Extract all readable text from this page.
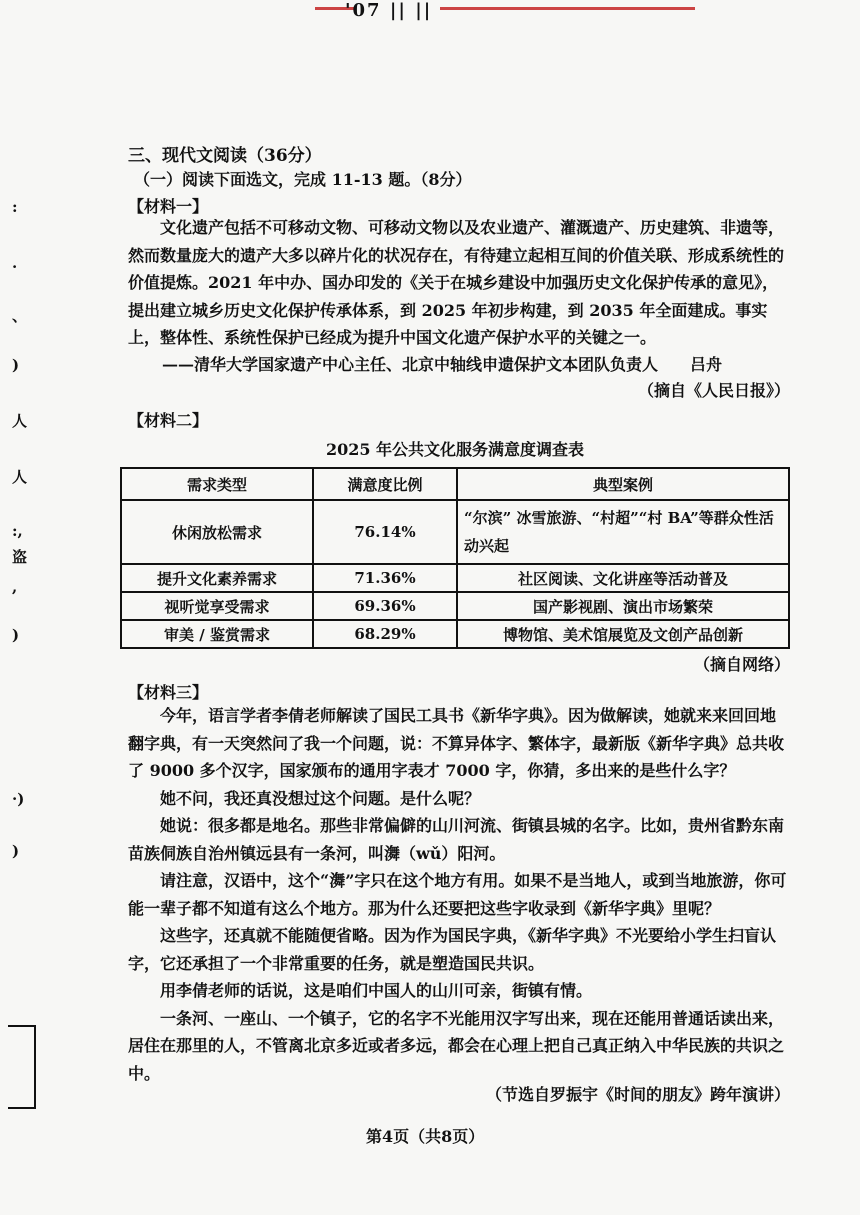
'07 || ||
:
·
、
)
人
人
:,
盗
,
)
·)
)
三、现代文阅读（36分）
（一）阅读下面选文，完成 11-13 题。（8分）
【材料一】
文化遗产包括不可移动文物、可移动文物以及农业遗产、灌溉遗产、历史建筑、非遗等，然而数量庞大的遗产大多以碎片化的状况存在，有待建立起相互间的价值关联、形成系统性的价值提炼。2021 年中办、国办印发的《关于在城乡建设中加强历史文化保护传承的意见》，提出建立城乡历史文化保护传承体系，到 2025 年初步构建，到 2035 年全面建成。事实上，整体性、系统性保护已经成为提升中国文化遗产保护水平的关键之一。
——清华大学国家遗产中心主任、北京中轴线申遗保护文本团队负责人　　吕舟
（摘自《人民日报》）
【材料二】
2025 年公共文化服务满意度调查表
需求类型	满意度比例	典型案例
休闲放松需求	76.14%	“尔滨” 冰雪旅游、“村超”“村 BA”等群众性活动兴起
提升文化素养需求	71.36%	社区阅读、文化讲座等活动普及
视听觉享受需求	69.36%	国产影视剧、演出市场繁荣
审美 / 鉴赏需求	68.29%	博物馆、美术馆展览及文创产品创新
（摘自网络）
【材料三】
今年，语言学者李倩老师解读了国民工具书《新华字典》。因为做解读，她就来来回回地翻字典，有一天突然问了我一个问题，说：不算异体字、繁体字，最新版《新华字典》总共收了 9000 多个汉字，国家颁布的通用字表才 7000 字，你猜，多出来的是些什么字？
她不问，我还真没想过这个问题。是什么呢？
她说：很多都是地名。那些非常偏僻的山川河流、街镇县城的名字。比如，贵州省黔东南苗族侗族自治州镇远县有一条河，叫㵲（wǔ）阳河。
请注意，汉语中，这个“㵲”字只在这个地方有用。如果不是当地人，或到当地旅游，你可能一辈子都不知道有这么个地方。那为什么还要把这些字收录到《新华字典》里呢？
这些字，还真就不能随便省略。因为作为国民字典，《新华字典》不光要给小学生扫盲认字，它还承担了一个非常重要的任务，就是塑造国民共识。
用李倩老师的话说，这是咱们中国人的山川可亲，街镇有情。
一条河、一座山、一个镇子，它的名字不光能用汉字写出来，现在还能用普通话读出来，居住在那里的人，不管离北京多近或者多远，都会在心理上把自己真正纳入中华民族的共识之中。
（节选自罗振宇《时间的朋友》跨年演讲）
第4页（共8页）
